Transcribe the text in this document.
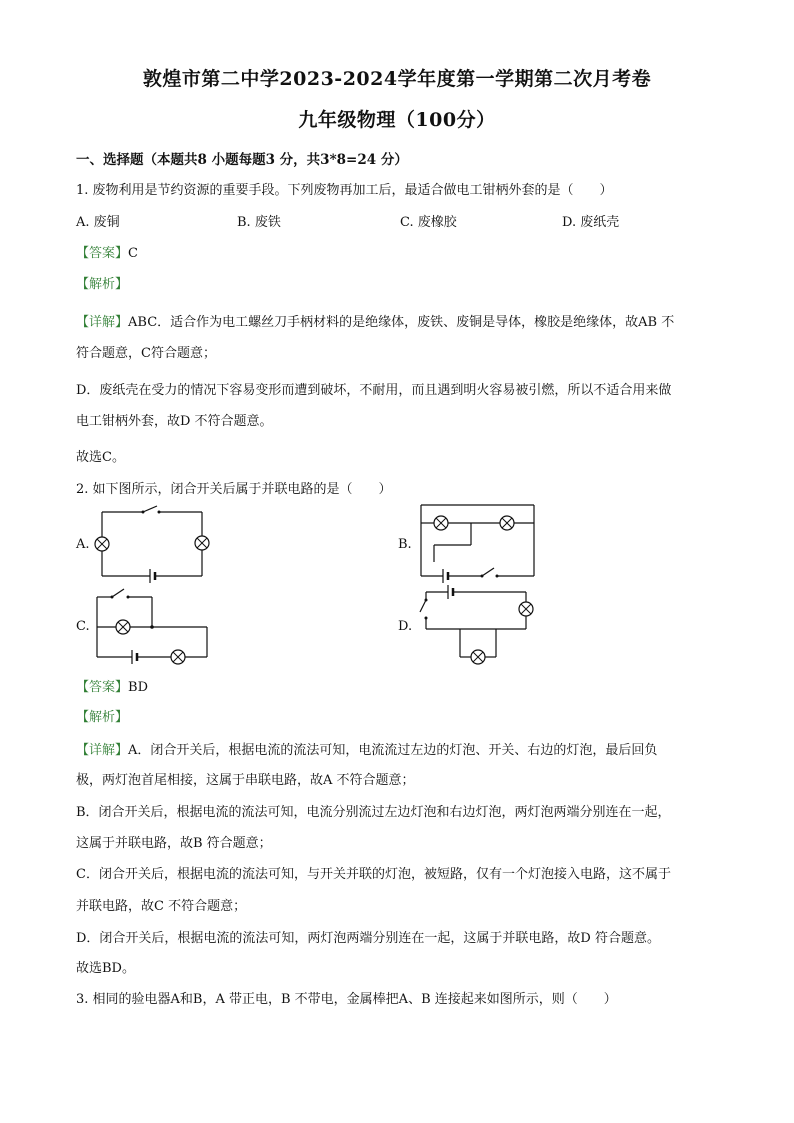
敦煌市第二中学2023-2024学年度第一学期第二次月考卷
九年级物理（100分）
一、选择题（本题共8 小题每题3 分，共3*8=24 分）
1. 废物利用是节约资源的重要手段。下列废物再加工后，最适合做电工钳柄外套的是（　　）
A. 废铜	B. 废铁	C. 废橡胶	D. 废纸壳
【答案】C
【解析】
【详解】ABC．适合作为电工螺丝刀手柄材料的是绝缘体，废铁、废铜是导体，橡胶是绝缘体，故AB 不
符合题意，C符合题意；
D．废纸壳在受力的情况下容易变形而遭到破坏，不耐用，而且遇到明火容易被引燃，所以不适合用来做
电工钳柄外套，故D 不符合题意。
故选C。
2. 如下图所示，闭合开关后属于并联电路的是（　　）
A.	B.
C.	D.
【答案】BD
【解析】
【详解】A．闭合开关后，根据电流的流法可知，电流流过左边的灯泡、开关、右边的灯泡，最后回负
极，两灯泡首尾相接，这属于串联电路，故A 不符合题意；
B．闭合开关后，根据电流的流法可知，电流分别流过左边灯泡和右边灯泡，两灯泡两端分别连在一起，
这属于并联电路，故B 符合题意；
C．闭合开关后，根据电流的流法可知，与开关并联的灯泡，被短路，仅有一个灯泡接入电路，这不属于
并联电路，故C 不符合题意；
D．闭合开关后，根据电流的流法可知，两灯泡两端分别连在一起，这属于并联电路，故D 符合题意。
故选BD。
3. 相同的验电器A和B，A 带正电，B 不带电，金属棒把A、B 连接起来如图所示，则（　　）
